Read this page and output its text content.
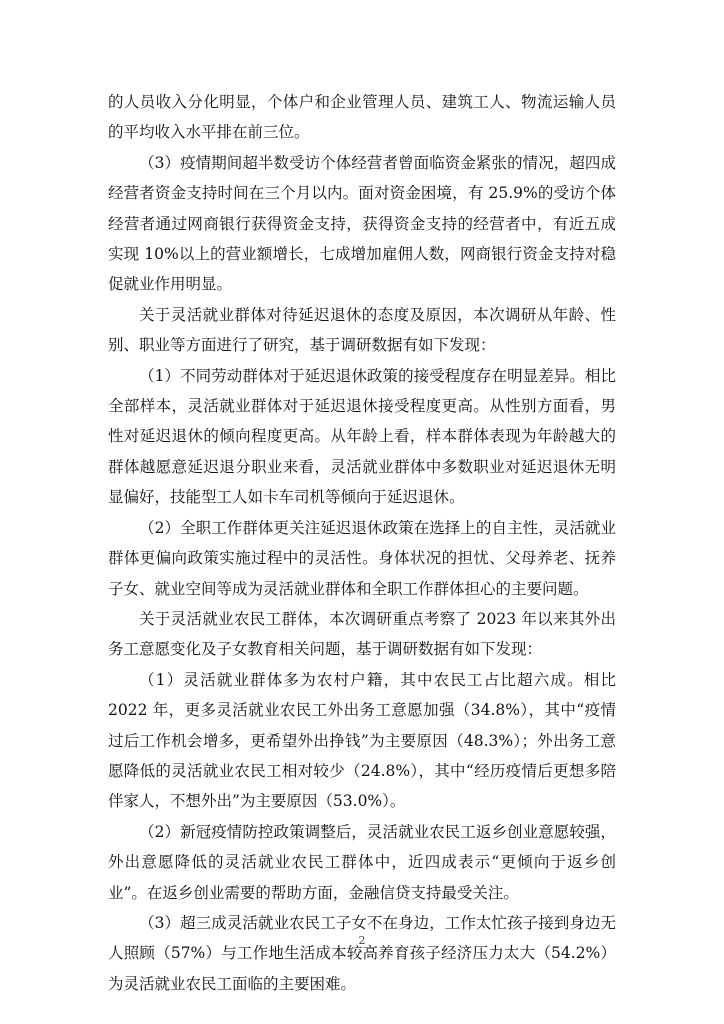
的人员收入分化明显，个体户和企业管理人员、建筑工人、物流运输人员的平均收入水平排在前三位。

（3）疫情期间超半数受访个体经营者曾面临资金紧张的情况，超四成经营者资金支持时间在三个月以内。面对资金困境，有 25.9%的受访个体经营者通过网商银行获得资金支持，获得资金支持的经营者中，有近五成实现 10%以上的营业额增长，七成增加雇佣人数，网商银行资金支持对稳促就业作用明显。

关于灵活就业群体对待延迟退休的态度及原因，本次调研从年龄、性别、职业等方面进行了研究，基于调研数据有如下发现：

（1）不同劳动群体对于延迟退休政策的接受程度存在明显差异。相比全部样本，灵活就业群体对于延迟退休接受程度更高。从性别方面看，男性对延迟退休的倾向程度更高。从年龄上看，样本群体表现为年龄越大的群体越愿意延迟退分职业来看，灵活就业群体中多数职业对延迟退休无明显偏好，技能型工人如卡车司机等倾向于延迟退休。

（2）全职工作群体更关注延迟退休政策在选择上的自主性，灵活就业群体更偏向政策实施过程中的灵活性。身体状况的担忧、父母养老、抚养子女、就业空间等成为灵活就业群体和全职工作群体担心的主要问题。

关于灵活就业农民工群体，本次调研重点考察了 2023 年以来其外出务工意愿变化及子女教育相关问题，基于调研数据有如下发现：

（1）灵活就业群体多为农村户籍，其中农民工占比超六成。相比 2022 年，更多灵活就业农民工外出务工意愿加强（34.8%），其中“疫情过后工作机会增多，更希望外出挣钱”为主要原因（48.3%）；外出务工意愿降低的灵活就业农民工相对较少（24.8%），其中“经历疫情后更想多陪伴家人，不想外出”为主要原因（53.0%）。

（2）新冠疫情防控政策调整后，灵活就业农民工返乡创业意愿较强，外出意愿降低的灵活就业农民工群体中，近四成表示“更倾向于返乡创业”。在返乡创业需要的帮助方面，金融信贷支持最受关注。

（3）超三成灵活就业农民工子女不在身边，工作太忙孩子接到身边无人照顾（57%）与工作地生活成本较高养育孩子经济压力太大（54.2%）为灵活就业农民工面临的主要困难。

2
